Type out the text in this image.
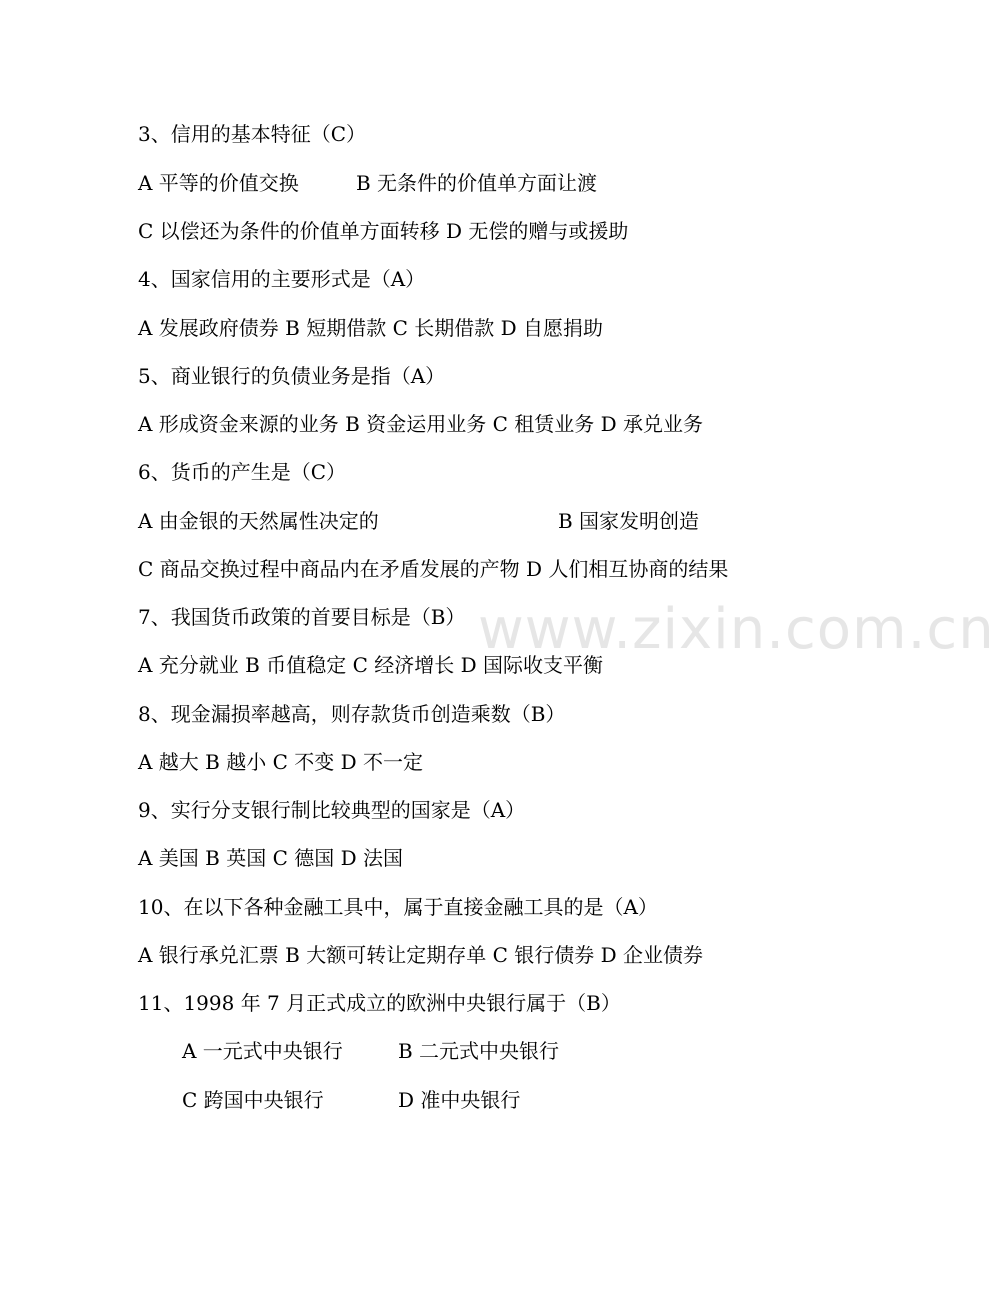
www.zixin.com.cn
3、信用的基本特征（C）
A 平等的价值交换	B 无条件的价值单方面让渡
C 以偿还为条件的价值单方面转移 D 无偿的赠与或援助
4、国家信用的主要形式是（A）
A 发展政府债券 B 短期借款 C 长期借款 D 自愿捐助
5、商业银行的负债业务是指（A）
A 形成资金来源的业务 B 资金运用业务 C 租赁业务 D 承兑业务
6、货币的产生是（C）
A 由金银的天然属性决定的	B 国家发明创造
C 商品交换过程中商品内在矛盾发展的产物 D 人们相互协商的结果
7、我国货币政策的首要目标是（B）
A 充分就业 B 币值稳定 C 经济增长 D 国际收支平衡
8、现金漏损率越高，则存款货币创造乘数（B）
A 越大 B 越小 C 不变 D 不一定
9、实行分支银行制比较典型的国家是（A）
A 美国 B 英国 C 德国 D 法国
10、在以下各种金融工具中，属于直接金融工具的是（A）
A 银行承兑汇票 B 大额可转让定期存单 C 银行债券 D 企业债券
11、1998 年 7 月正式成立的欧洲中央银行属于（B）
A 一元式中央银行	B 二元式中央银行
C 跨国中央银行	D 准中央银行
